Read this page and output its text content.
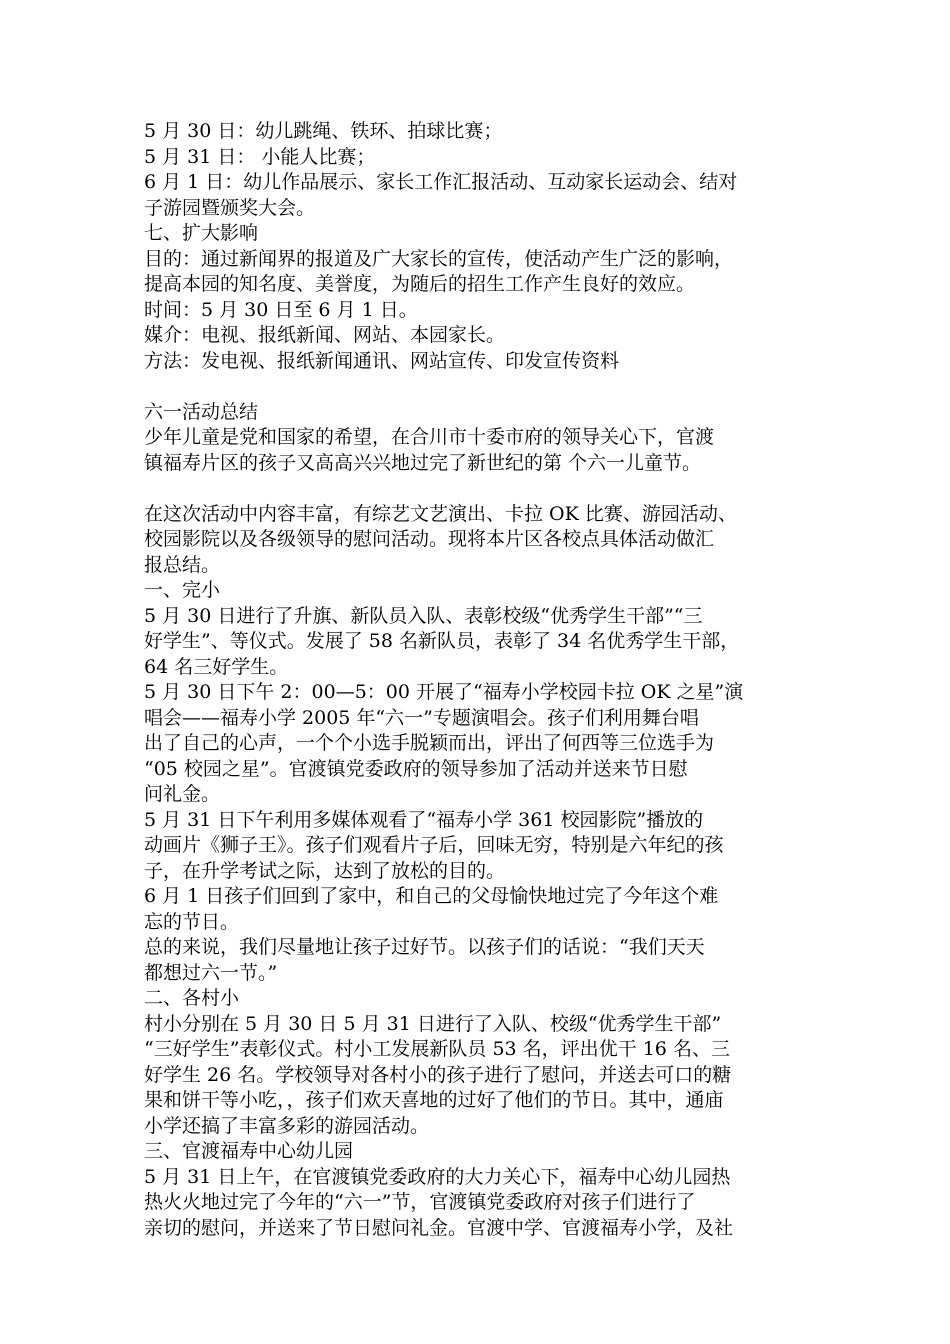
5 月 30 日：幼儿跳绳、铁环、拍球比赛；
5 月 31 日： 小能人比赛；
6 月 1 日：幼儿作品展示、家长工作汇报活动、互动家长运动会、结对
子游园暨颁奖大会。
七、扩大影响
目的：通过新闻界的报道及广大家长的宣传，使活动产生广泛的影响，
提高本园的知名度、美誉度，为随后的招生工作产生良好的效应。
时间：5 月 30 日至 6 月 1 日。
媒介：电视、报纸新闻、网站、本园家长。
方法：发电视、报纸新闻通讯、网站宣传、印发宣传资料
六一活动总结
少年儿童是党和国家的希望，在合川市十委市府的领导关心下，官渡
镇福寿片区的孩子又高高兴兴地过完了新世纪的第 个六一儿童节。
在这次活动中内容丰富，有综艺文艺演出、卡拉 OK 比赛、游园活动、
校园影院以及各级领导的慰问活动。现将本片区各校点具体活动做汇
报总结。
一、完小
5 月 30 日进行了升旗、新队员入队、表彰校级“优秀学生干部”“三
好学生”、等仪式。发展了 58 名新队员，表彰了 34 名优秀学生干部，
64 名三好学生。
5 月 30 日下午 2：00—5：00 开展了“福寿小学校园卡拉 OK 之星”演
唱会——福寿小学 2005 年“六一”专题演唱会。孩子们利用舞台唱
出了自己的心声，一个个小选手脱颖而出，评出了何西等三位选手为
“05 校园之星”。官渡镇党委政府的领导参加了活动并送来节日慰
问礼金。
5 月 31 日下午利用多媒体观看了“福寿小学 361 校园影院”播放的
动画片《狮子王》。孩子们观看片子后，回味无穷，特别是六年纪的孩
子，在升学考试之际，达到了放松的目的。
6 月 1 日孩子们回到了家中，和自己的父母愉快地过完了今年这个难
忘的节日。
总的来说，我们尽量地让孩子过好节。以孩子们的话说：“我们天天
都想过六一节。”
二、各村小
村小分别在 5 月 30 日 5 月 31 日进行了入队、校级“优秀学生干部”
“三好学生”表彰仪式。村小工发展新队员 53 名，评出优干 16 名、三
好学生 26 名。学校领导对各村小的孩子进行了慰问，并送去可口的糖
果和饼干等小吃，，孩子们欢天喜地的过好了他们的节日。其中，通庙
小学还搞了丰富多彩的游园活动。
三、官渡福寿中心幼儿园
5 月 31 日上午，在官渡镇党委政府的大力关心下，福寿中心幼儿园热
热火火地过完了今年的“六一”节，官渡镇党委政府对孩子们进行了
亲切的慰问，并送来了节日慰问礼金。官渡中学、官渡福寿小学，及社
